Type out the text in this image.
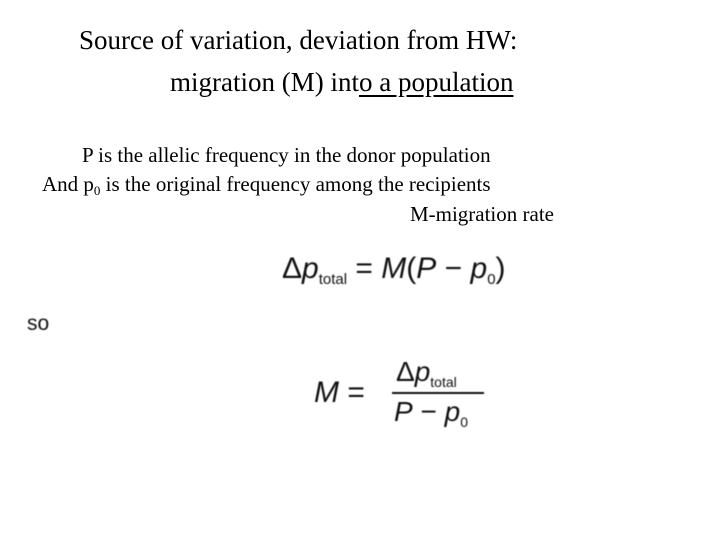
Source of variation, deviation from HW:
migration (M) into a population
P is the allelic frequency in the donor population
And $p_0$ is the original frequency among the recipients
M-migration rate
$\Delta p_{total} = M(P - p_0)$
so
M =
$\Delta p_{total}$
$P - p_0$
